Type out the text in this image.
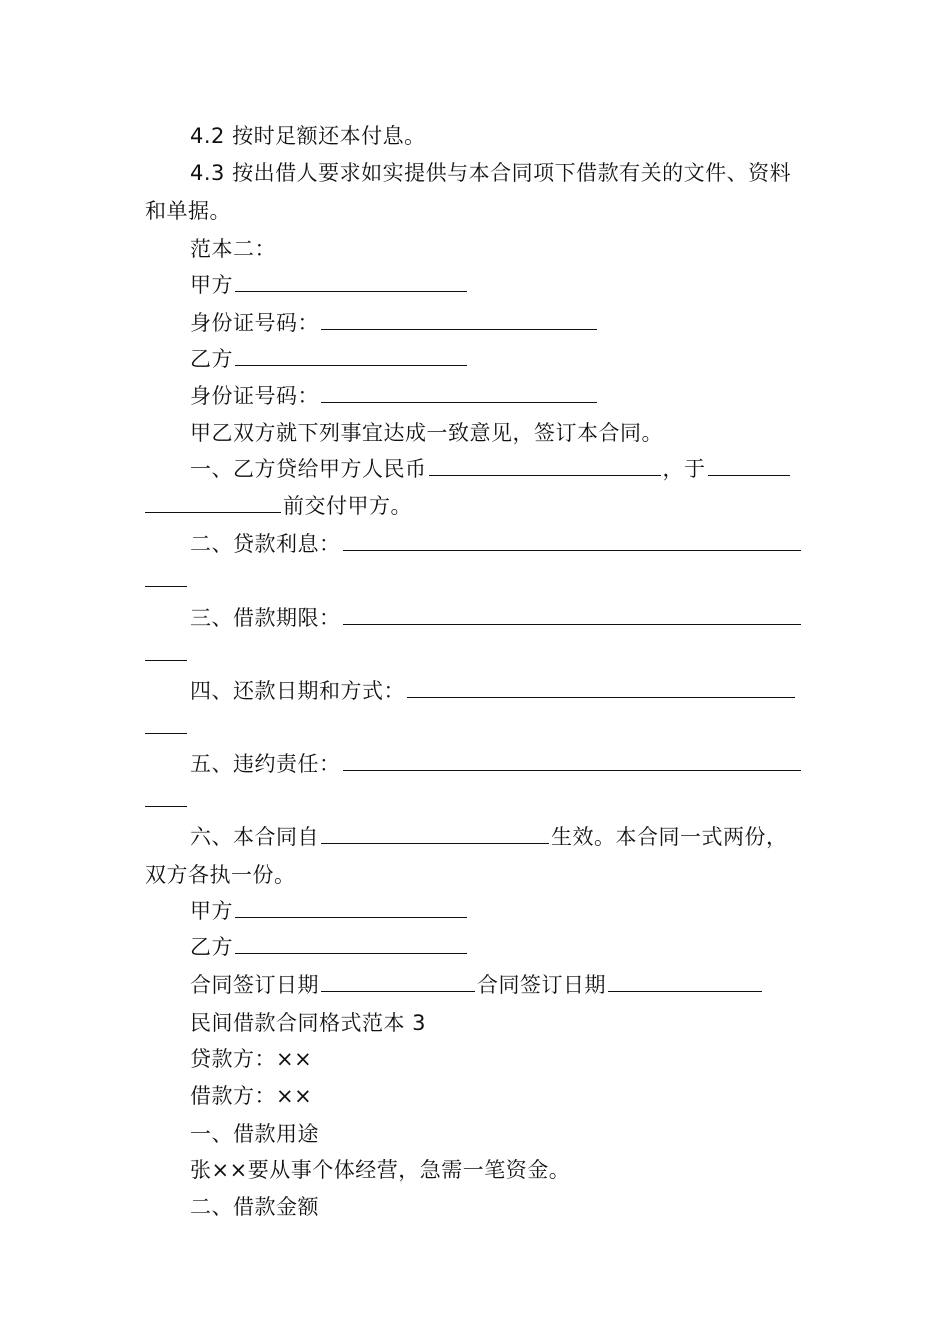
4.2 按时足额还本付息。
4.3 按出借人要求如实提供与本合同项下借款有关的文件、资料
和单据。
范本二：
甲方
身份证号码：
乙方
身份证号码：
甲乙双方就下列事宜达成一致意见，签订本合同。
一、乙方贷给甲方人民币	，于
前交付甲方。
二、贷款利息：
三、借款期限：
四、还款日期和方式：
五、违约责任：
六、本合同自	生效。本合同一式两份，
双方各执一份。
甲方
乙方
合同签订日期	合同签订日期
民间借款合同格式范本 3
贷款方：××
借款方：××
一、借款用途
张××要从事个体经营，急需一笔资金。
二、借款金额
